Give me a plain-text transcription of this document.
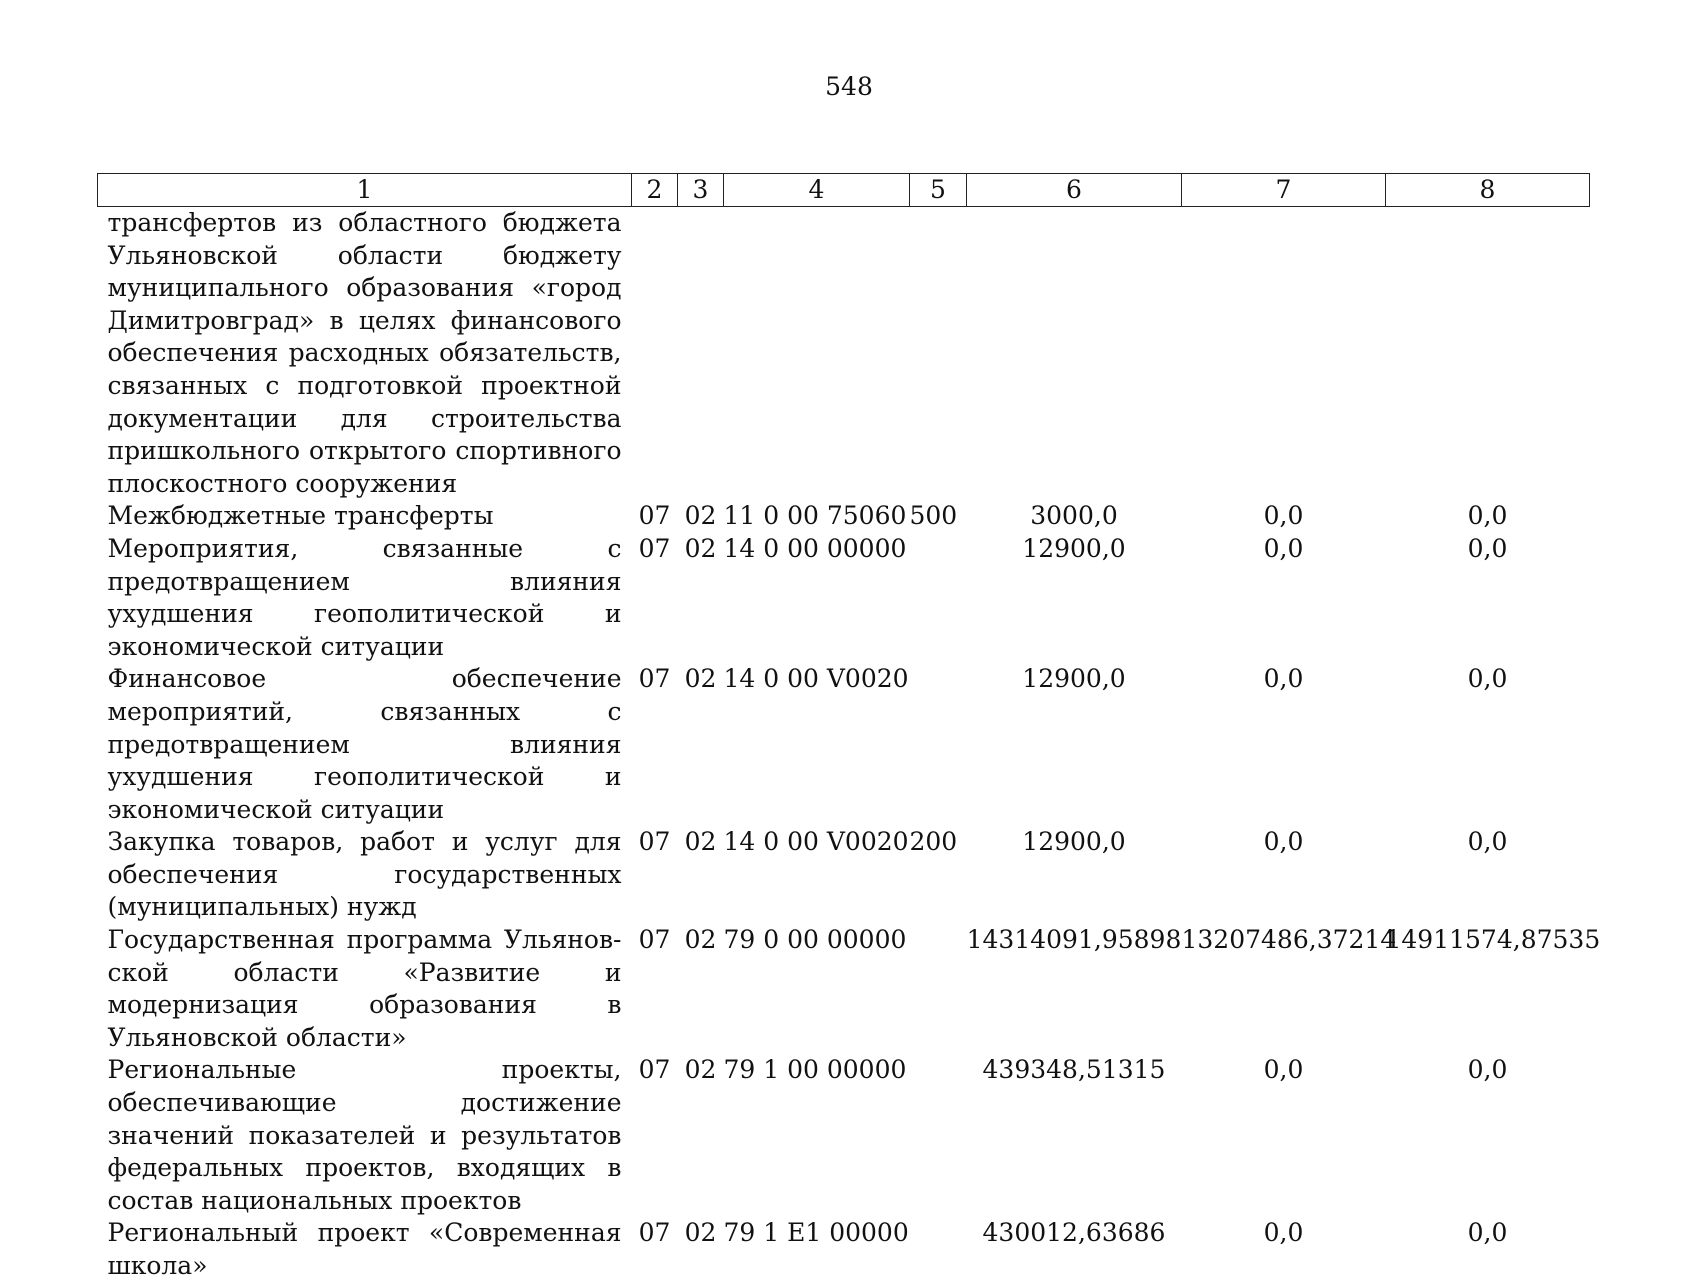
548
1	2	3	4	5	6	7	8
трансфертов из областного бюджета Ульяновской области бюджету муниципального образования «город Димитровград» в целях финансового обеспечения расходных обязательств, связанных с подготовкой проектной документации для строительства пришкольного открытого спортивного плоскостного сооружения							
Межбюджетные трансферты	07	02	11 0 00 75060	500	3000,0	0,0	0,0
Мероприятия, связанные с предотвращением влияния ухудшения геополитической и экономической ситуации	07	02	14 0 00 00000		12900,0	0,0	0,0
Финансовое обеспечение мероприятий, связанных с предотвращением влияния ухудшения геополитической и экономической ситуации	07	02	14 0 00 V0020		12900,0	0,0	0,0
Закупка товаров, работ и услуг для обеспечения государственных (муниципальных) нужд	07	02	14 0 00 V0020	200	12900,0	0,0	0,0
Государственная программа Ульяновской области «Развитие и модернизация образования в Ульяновской области»	07	02	79 0 00 00000		14314091,95898	13207486,37214	14911574,87535
Региональные проекты, обеспечивающие достижение значений показателей и результатов федеральных проектов, входящих в состав национальных проектов	07	02	79 1 00 00000		439348,51315	0,0	0,0
Региональный проект «Современная школа»	07	02	79 1 E1 00000		430012,63686	0,0	0,0
